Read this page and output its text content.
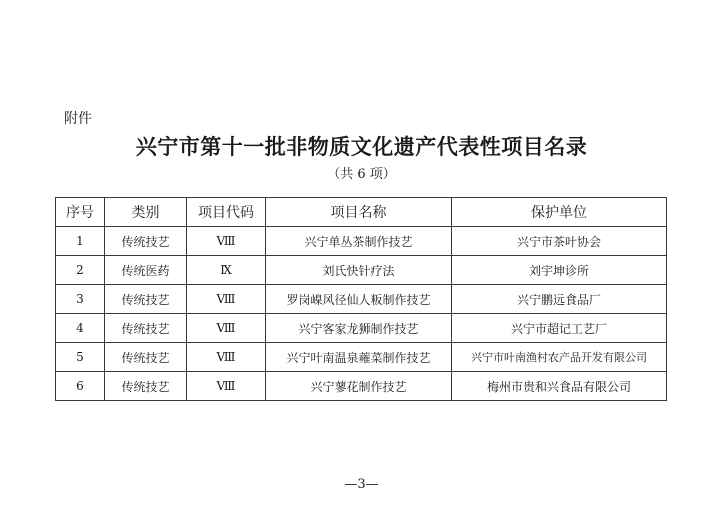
附件
兴宁市第十一批非物质文化遗产代表性项目名录
（共 6 项）
序号	类别	项目代码	项目名称	保护单位
1	传统技艺	Ⅷ	兴宁单丛茶制作技艺	兴宁市茶叶协会
2	传统医药	Ⅸ	刘氏快针疗法	刘宇坤诊所
3	传统技艺	Ⅷ	罗岗嵲风径仙人粄制作技艺	兴宁鹏远食品厂
4	传统技艺	Ⅷ	兴宁客家龙狮制作技艺	兴宁市超记工艺厂
5	传统技艺	Ⅷ	兴宁叶南温泉蕹菜制作技艺	兴宁市叶南渔村农产品开发有限公司
6	传统技艺	Ⅷ	兴宁蓼花制作技艺	梅州市贵和兴食品有限公司
—3—
